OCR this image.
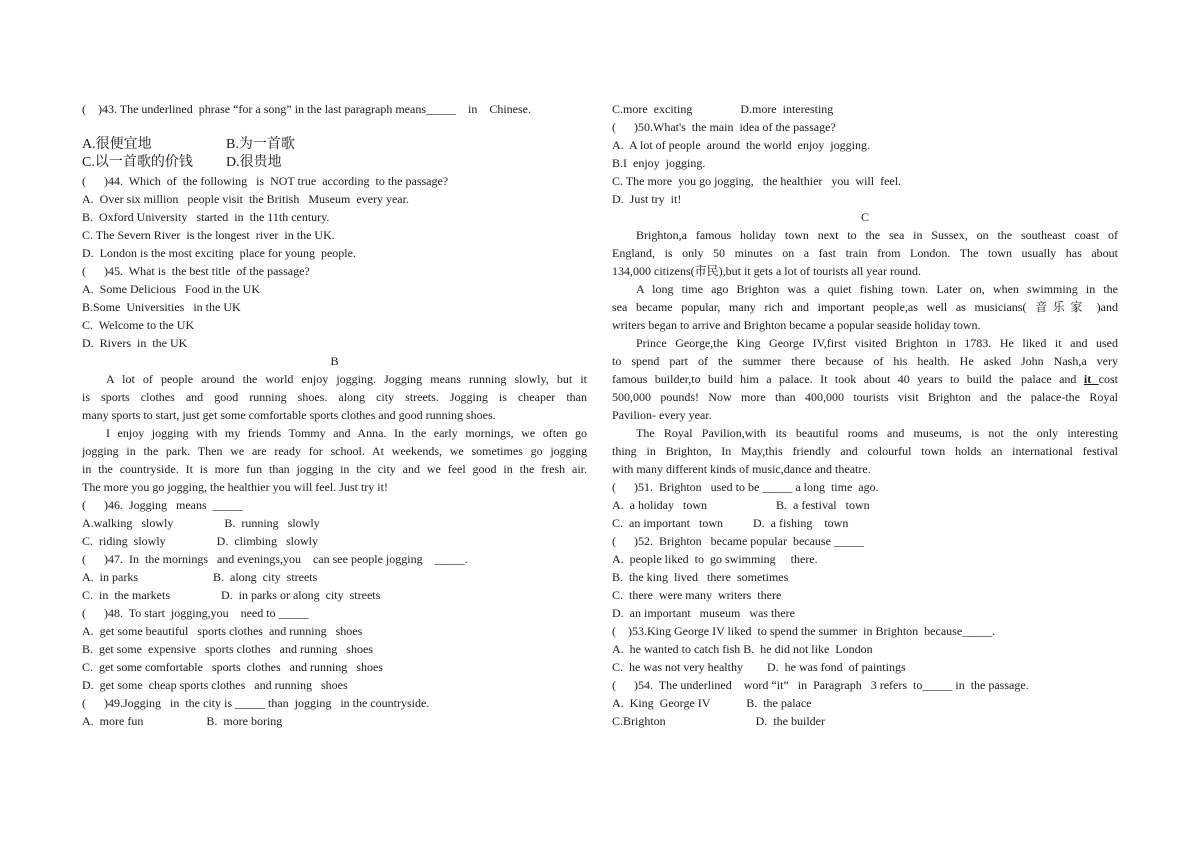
(    )43. The underlined  phrase “for a song” in the last paragraph means_____    in    Chinese.
A.很便宜地	B.为一首歌
C.以一首歌的价钱 D.很贵地
(      )44.  Which  of  the following   is  NOT true  according  to the passage?
A.  Over six million   people visit  the British   Museum  every year.
B.  Oxford University   started  in  the 11th century.
C. The Severn River  is the longest  river  in the UK.
D.  London is the most exciting  place for young  people.
(      )45.  What is  the best title  of the passage?
A.  Some Delicious   Food in the UK
B.Some  Universities   in the UK
C.  Welcome to the UK
D.  Rivers  in  the UK
B
A lot of people around the world enjoy jogging. Jogging means running slowly, but it
is sports clothes and good running shoes. along city streets. Jogging is cheaper than
many sports to start, just get some comfortable sports clothes and good running shoes.
I enjoy jogging with my friends Tommy and Anna. In the early mornings, we often go
jogging in the park. Then we are ready for school. At weekends, we sometimes go jogging
in the countryside. It is more fun than jogging in the city and we feel good in the fresh air.
The more you go jogging, the healthier you will feel. Just try it!
(      )46.  Jogging   means  _____
A.walking   slowly                 B.  running   slowly
C.  riding  slowly                 D.  climbing   slowly
(      )47.  In  the mornings   and evenings,you    can see people jogging    _____.
A.  in parks                         B.  along  city  streets
C.  in  the markets                 D.  in parks or along  city  streets
(      )48.  To start  jogging,you    need to _____
A.  get some beautiful   sports clothes  and running   shoes
B.  get some  expensive   sports clothes   and running   shoes
C.  get some comfortable   sports  clothes   and running   shoes
D.  get some  cheap sports clothes   and running   shoes
(      )49.Jogging   in  the city is _____ than  jogging   in the countryside.
A.  more fun                     B.  more boring
C.more  exciting                D.more  interesting
(      )50.What's  the main  idea of the passage?
A.  A lot of people  around  the world  enjoy  jogging.
B.I  enjoy  jogging.
C. The more  you go jogging,   the healthier   you  will  feel.
D.  Just try  it!
C
Brighton,a famous holiday town next to the sea in Sussex, on the southeast coast of
England, is only 50 minutes on a fast train from London. The town usually has about
134,000 citizens(市民),but it gets a lot of tourists all year round.
A long time ago Brighton was a quiet fishing town. Later on, when swimming in the
sea became popular, many rich and important people,as well as musicians( 音乐家 )and
writers began to arrive and Brighton became a popular seaside holiday town.
Prince George,the King George IV,first visited Brighton in 1783. He liked it and used
to spend part of the summer there because of his health. He asked John Nash,a very
famous builder,to build him a palace. It took about 40 years to build the palace and it cost
500,000 pounds! Now more than 400,000 tourists visit Brighton and the palace-the Royal
Pavilion- every year.
The Royal Pavilion,with its beautiful rooms and museums, is not the only interesting
thing in Brighton, In May,this friendly and colourful town holds an international festival
with many different kinds of music,dance and theatre.
(      )51.  Brighton   used to be _____ a long  time  ago.
A.  a holiday   town                       B.  a festival   town
C.  an important   town          D.  a fishing    town
(      )52.  Brighton   became popular  because _____
A.  people liked  to  go swimming     there.
B.  the king  lived   there  sometimes
C.  there  were many  writers  there
D.  an important   museum   was there
(    )53.King George IV liked  to spend the summer  in Brighton  because_____.
A.  he wanted to catch fish B.  he did not like  London
C.  he was not very healthy        D.  he was fond  of paintings
(      )54.  The underlined    word “it”   in  Paragraph   3 refers  to_____ in  the passage.
A.  King  George IV            B.  the palace
C.Brighton                              D.  the builder
